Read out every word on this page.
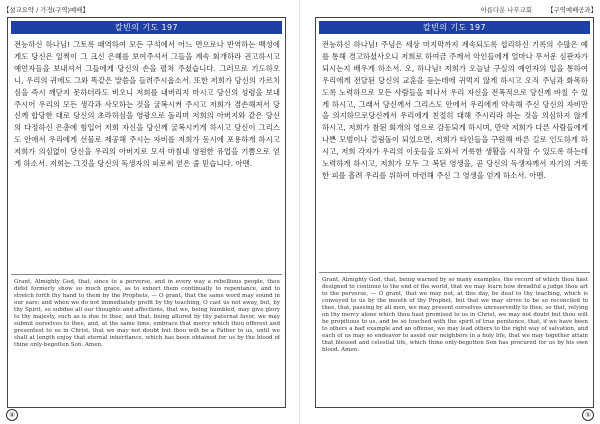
【설교요약 / 가정(구역)예배】
칼빈의 기도 197
전능하신 하나님! 그토록 패역하여 모든 구석에서 어느 면으로나 반역하는 백성에게도 당신은 일찍이 그 크신 은혜를 보여주셔서 그들을 계속 회개하라 권고하시고 예언자들을 보내셔서 그들에게 당신의 손을 펼쳐 주셨습니다. 그러므로 기도하오니, 우리의 귀에도 그와 똑같은 말씀을 들려주시옵소서. 또한 저희가 당신의 가르치심을 즉시 깨닫지 못하더라도 비오니 저희를 내버리지 마시고 당신의 성령을 보내 주시어 우리의 모든 생각과 사모하는 것을 굴복시켜 주시고 저희가 겸손해져서 당신께 합당한 대로 당신의 초라하심을 영광으로 돌리며 저희의 아버지와 같은 당신의 다정하신 은총에 힘입어 저희 자신을 당신께 굴복시키게 하시고 당신이 그리스도 안에서 우리에게 선물로 제공해 주시는 자비를 저희가 동시에 포용하게 하시고 저희가 의심없이 당신을 우리의 아버지로 모셔 마침내 영원한 유업을 기쁨으로 얻게 하소서. 저희는 그것을 당신의 독생자의 피로써 얻은 줄 믿습니다. 아멘.
Grant, Almighty God, that, since to a perverse, and in every way a rebellious people, thou didst formerly show so much grace, as to exhort them continually to repentance, and to stretch forth thy hand to them by the Prophets, — O grant, that the same word may sound in our ears; and when we do not immediately profit by thy teaching, O cast us not away, but, by thy Spirit, so subdue all our thoughts and affections, that we, being humbled, may give glory to thy majesty, such as is due to thee, and that, being allured by thy paternal favor, we may submit ourselves to thee, and, at the same time, embrace that mercy which thou offerest and presentest to us in Christ, that we may not doubt but thou wilt be a Father to us, until we shall at length enjoy that eternal inheritance, which has been obtained for us by the blood of thine only-begotten Son. Amen.
④
아름다운 나무교회 【구역예배공과】
칼빈의 기도 197
전능하신 하나님! 주님은 세상 마지막까지 계속되도록 섭리하신 기록의 수많은 예를 통해 경고하셨사오니 저희로 하여금 주께서 악인들에게 얼마나 무서운 심판자가 되시는지 배우게 하소서. 오, 하나님! 저희가 오늘날 구실의 예언자의 입을 통하여 우리에게 전달된 당신의 교훈을 듣는데에 귀먹지 않게 하시고 오직 주님과 화목하도록 노력하므로 모든 사람들을 떠나서 우리 자신을 전폭적으로 당신께 바칠 수 있게 하시고, 그래서 당신께서 그리스도 안에서 우리에게 약속해 주신 당신의 자비만을 의지하므로당신께서 우리에게 친절히 대해 주시리라 하는 것을 의심하지 않게 하시고, 저희가 참된 회개의 영으로 감동되게 하시며, 만약 저희가 다른 사람들에게 나쁜 모범이나 걸림돌이 되었으면, 저희가 타인들을 구원해 바른 길로 인도하게 하시고, 저희 각자가 우리의 이웃들을 도와서 거룩한 생활을 시작할 수 있도록 하는데 노력하게 하시고, 저희가 모두 그 복된 영생을, 곧 당신의 독생자께서 자기의 거룩한 피를 흘려 우리를 위하여 마련해 주신 그 영생을 얻게 하소서. 아멘.
Grant, Almighty God, that, being warned by so many examples, the record of which thou hast designed to continue to the end of the world, that we may learn how dreadful a judge thou art to the perverse, — O grant, that we may not, at this day, be deaf to thy teaching, which is conveyed to us by the mouth of thy Prophet, but that we may strive to be so reconciled to thee, that, passing by all men, we may present ourselves unreservedly to thee, so that, relying on thy mercy alone which thou hast promised to us in Christ, we may not doubt but thou wilt be propitious to us, and be so touched with the spirit of true penitence, that, if we have been to others a bad example and an offense, we may lead others to the right way of salvation, and each of us may so endeavor to assist our neighbors in a holy life, that we may together attain that blessed and celestial life, which thine only-begotten Son has procured for us by his own blood. Amen.
⑤
